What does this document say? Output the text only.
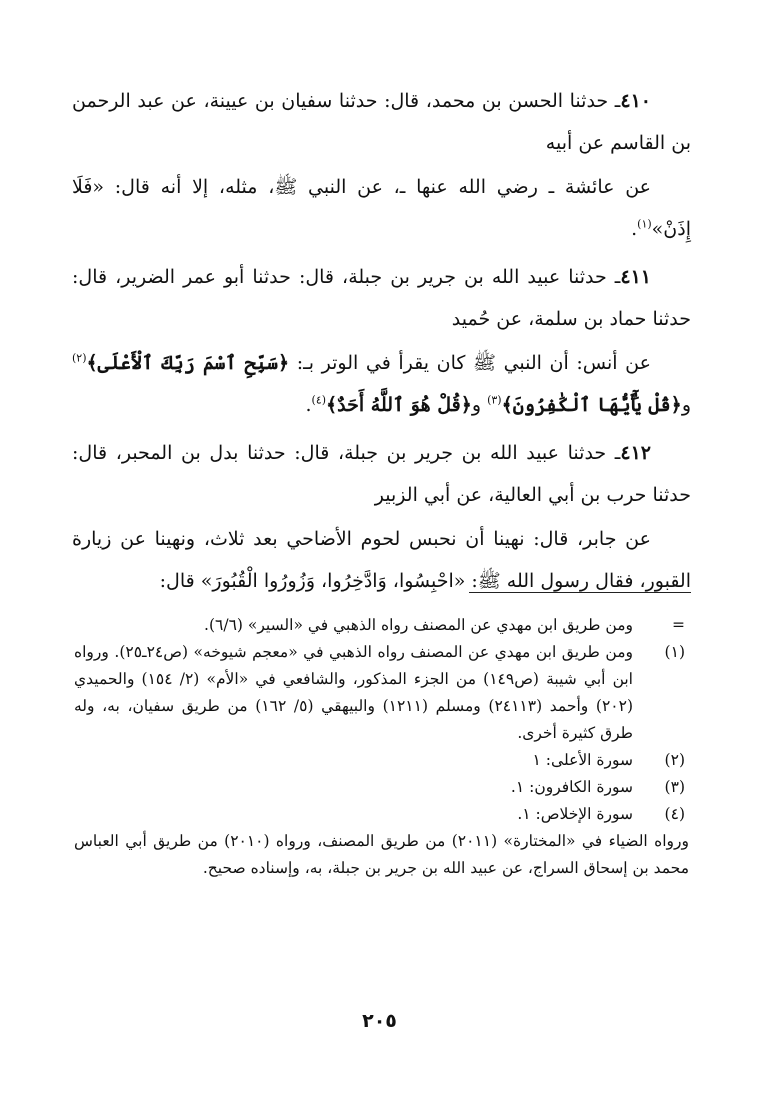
٤١٠ـ حدثنا الحسن بن محمد، قال: حدثنا سفيان بن عيينة، عن عبد الرحمن بن القاسم عن أبيه

عن عائشة ـ رضي الله عنها ـ، عن النبي ﷺ، مثله، إلا أنه قال: «فَلَا إِذَنْ»$^{(١)}$.

٤١١ـ حدثنا عبيد الله بن جرير بن جبلة، قال: حدثنا أبو عمر الضرير، قال: حدثنا حماد بن سلمة، عن حُميد

عن أنس: أن النبي ﷺ كان يقرأ في الوتر بـ: ﴿سَبِّحِ ٱسْمَ رَبِّكَ ٱلْأَعْلَى﴾$^{(٢)}$ و﴿قُلْ يَٰٓأَيُّهَا ٱلْكَٰفِرُونَ﴾$^{(٣)}$ و﴿قُلْ هُوَ ٱللَّهُ أَحَدٌ﴾$^{(٤)}$.

٤١٢ـ حدثنا عبيد الله بن جرير بن جبلة، قال: حدثنا بدل بن المحبر، قال: حدثنا حرب بن أبي العالية، عن أبي الزبير

عن جابر، قال: نهينا أن نحبس لحوم الأضاحي بعد ثلاث، ونهينا عن زيارة القبور، فقال رسول الله ﷺ: «احْبِسُوا، وَادَّخِرُوا، وَزُورُوا الْقُبُورَ» قال:

=
ومن طريق ابن مهدي عن المصنف رواه الذهبي في «السير» (٦/٦).
(١)
ومن طريق ابن مهدي عن المصنف رواه الذهبي في «معجم شيوخه» (ص٢٤ـ٢٥). ورواه ابن أبي شيبة (ص١٤٩) من الجزء المذكور، والشافعي في «الأم» (٢/ ١٥٤) والحميدي (٢٠٢) وأحمد (٢٤١١٣) ومسلم (١٢١١) والبيهقي (٥/ ١٦٢) من طريق سفيان، به، وله طرق كثيرة أخرى.
(٢)
سورة الأعلى: ١
(٣)
سورة الكافرون: ١.
(٤)
سورة الإخلاص: ١.
ورواه الضياء في «المختارة» (٢٠١١) من طريق المصنف، ورواه (٢٠١٠) من طريق أبي العباس محمد بن إسحاق السراج، عن عبيد الله بن جرير بن جبلة، به، وإسناده صحيح.
٢٠٥
